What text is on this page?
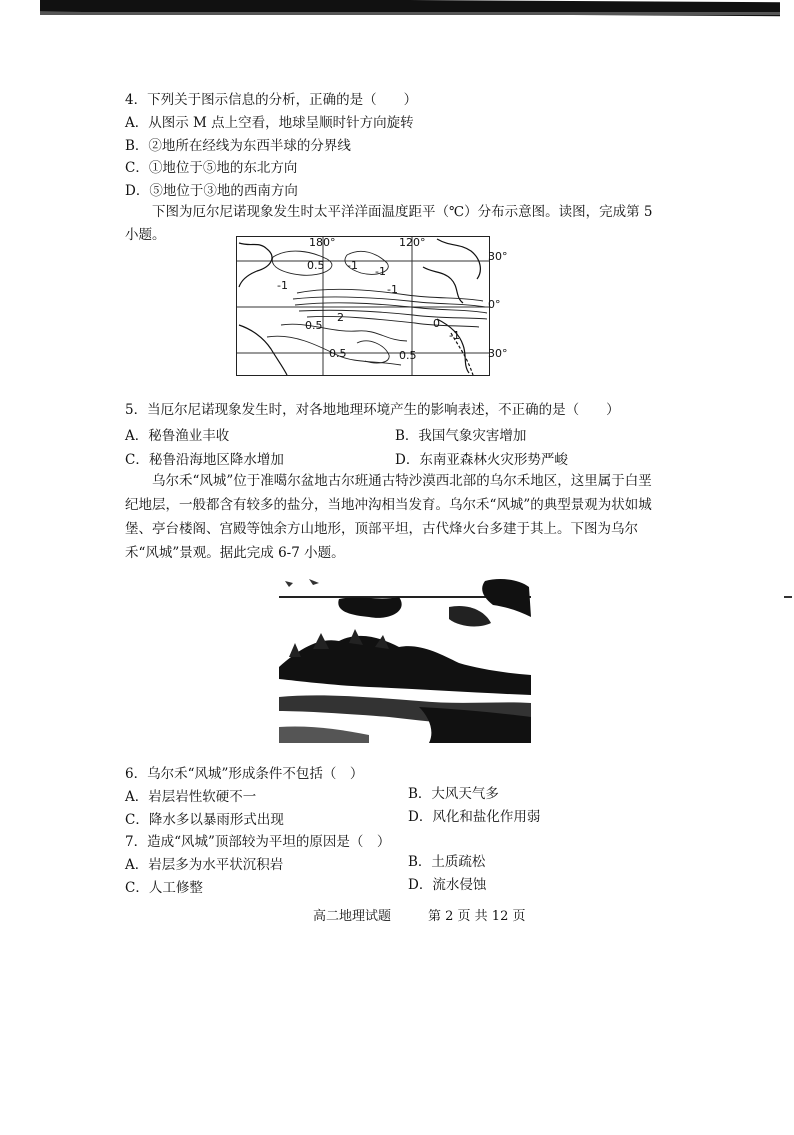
4．下列关于图示信息的分析，正确的是（　　）
A．从图示 M 点上空看，地球呈顺时针方向旋转
B．②地所在经线为东西半球的分界线
C．①地位于⑤地的东北方向
D．⑤地位于③地的西南方向
下图为厄尔尼诺现象发生时太平洋洋面温度距平（℃）分布示意图。读图，完成第 5
小题。	180°	120°
0.5 -1 -1
-1	-1
0.5
2	0
-1
0.5	0.5
30°
0°
30°
5．当厄尔尼诺现象发生时，对各地地理环境产生的影响表述，不正确的是（　　）
A．秘鲁渔业丰收	B．我国气象灾害增加
C．秘鲁沿海地区降水增加	D．东南亚森林火灾形势严峻
乌尔禾“风城”位于准噶尔盆地古尔班通古特沙漠西北部的乌尔禾地区，这里属于白垩纪地层，一般都含有较多的盐分，当地冲沟相当发育。乌尔禾“风城”的典型景观为状如城堡、亭台楼阁、宫殿等蚀余方山地形，顶部平坦，古代烽火台多建于其上。下图为乌尔禾“风城”景观。据此完成 6-7 小题。
6．乌尔禾“风城”形成条件不包括（　）
A．岩层岩性软硬不一	B．大风天气多
C．降水多以暴雨形式出现	D．风化和盐化作用弱
7．造成“风城”顶部较为平坦的原因是（　）
A．岩层多为水平状沉积岩	B．土质疏松
C．人工修整	D．流水侵蚀
高二地理试题	第 2 页 共 12 页
